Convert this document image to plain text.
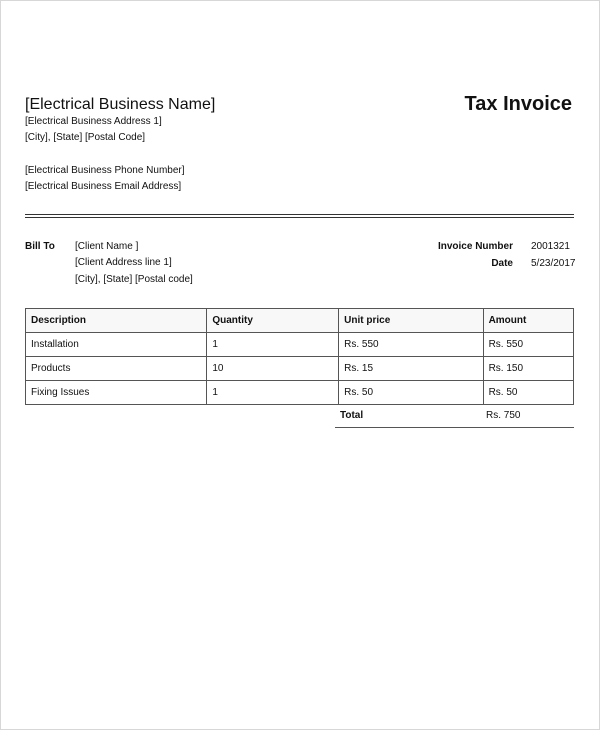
[Electrical Business Name]	Tax Invoice
[Electrical Business Address 1]
[City], [State] [Postal Code]
[Electrical Business Phone Number]
[Electrical Business Email Address]
Bill To [Client Name ]
[Client Address line 1]
[City], [State] [Postal code]
Invoice Number 2001321
Date 5/23/2017
Description	Quantity	Unit price	Amount
Installation	1	Rs. 550	Rs. 550
Products	10	Rs. 15	Rs. 150
Fixing Issues	1	Rs. 50	Rs. 50
Total	Rs. 750
